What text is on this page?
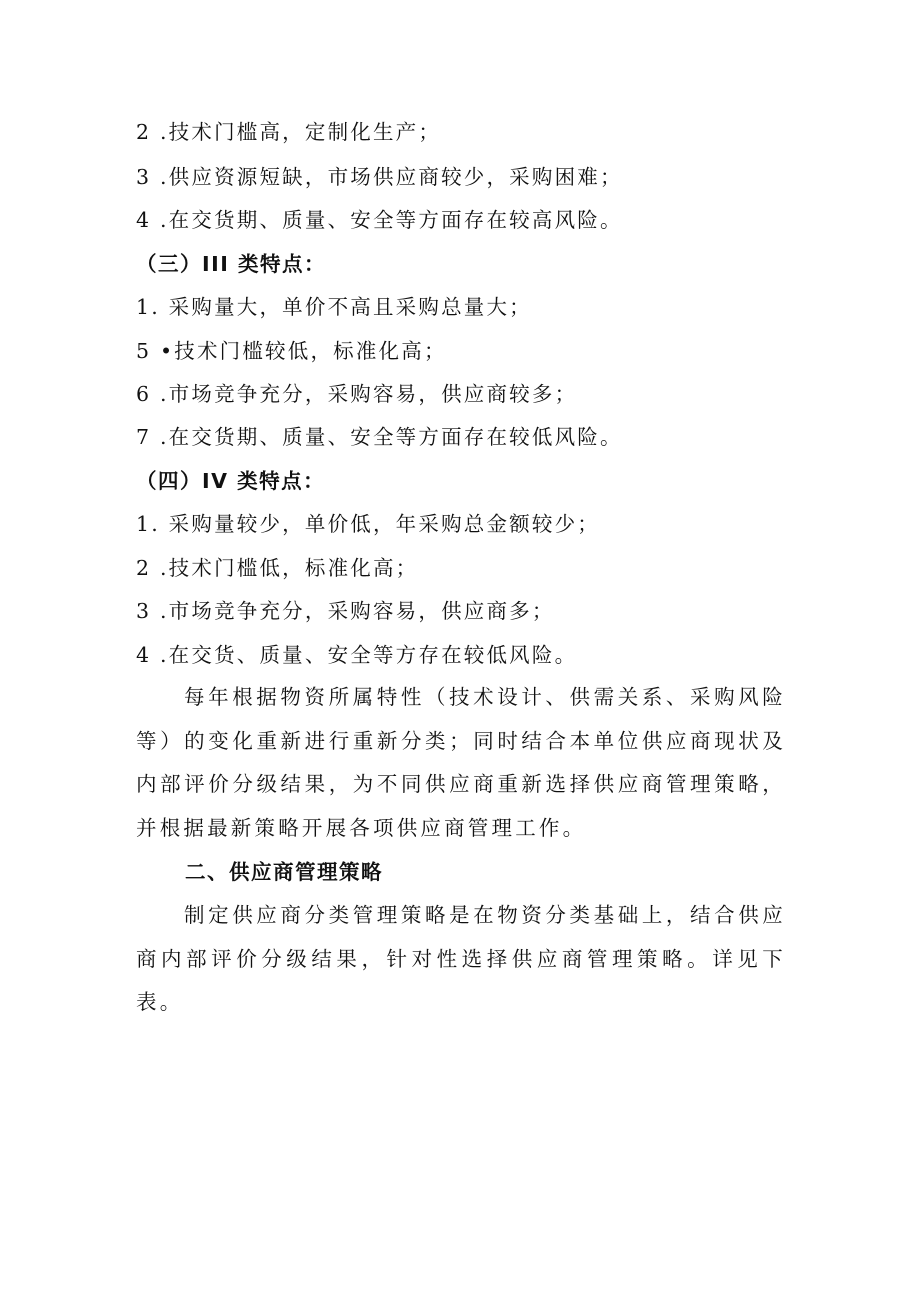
2 .技术门槛高，定制化生产；
3 .供应资源短缺，市场供应商较少，采购困难；
4 .在交货期、质量、安全等方面存在较高风险。
（三）III 类特点：
1. 采购量大，单价不高且采购总量大；
5 •技术门槛较低，标准化高；
6 .市场竞争充分，采购容易，供应商较多；
7 .在交货期、质量、安全等方面存在较低风险。
（四）IV 类特点：
1. 采购量较少，单价低，年采购总金额较少；
2 .技术门槛低，标准化高；
3 .市场竞争充分，采购容易，供应商多；
4 .在交货、质量、安全等方存在较低风险。

每年根据物资所属特性（技术设计、供需关系、采购风险等）的变化重新进行重新分类；同时结合本单位供应商现状及内部评价分级结果，为不同供应商重新选择供应商管理策略，并根据最新策略开展各项供应商管理工作。

二、供应商管理策略

制定供应商分类管理策略是在物资分类基础上，结合供应商内部评价分级结果，针对性选择供应商管理策略。详见下表。
